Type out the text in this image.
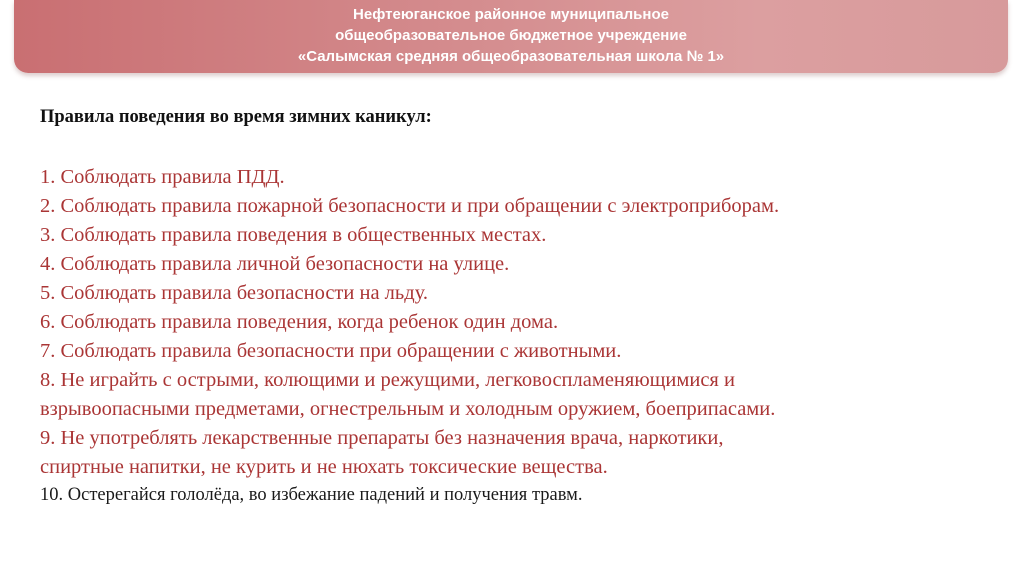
Нефтеюганское районное муниципальное
общеобразовательное бюджетное учреждение
«Салымская средняя общеобразовательная школа № 1»
Правила поведения во время зимних каникул:
1. Соблюдать правила ПДД.
2. Соблюдать правила пожарной безопасности и при обращении с электроприборам.
3. Соблюдать правила поведения в общественных местах.
4. Соблюдать правила личной безопасности на улице.
5. Соблюдать правила безопасности на льду.
6. Соблюдать правила поведения, когда ребенок один дома.
7. Соблюдать правила безопасности при обращении с животными.
8. Не играйть с острыми, колющими и режущими, легковоспламеняющимися и
взрывоопасными предметами, огнестрельным и холодным оружием, боеприпасами.
9. Не употреблять лекарственные препараты без назначения врача, наркотики,
спиртные напитки, не курить и не нюхать токсические вещества.
10. Остерегайся гололёда, во избежание падений и получения травм.
